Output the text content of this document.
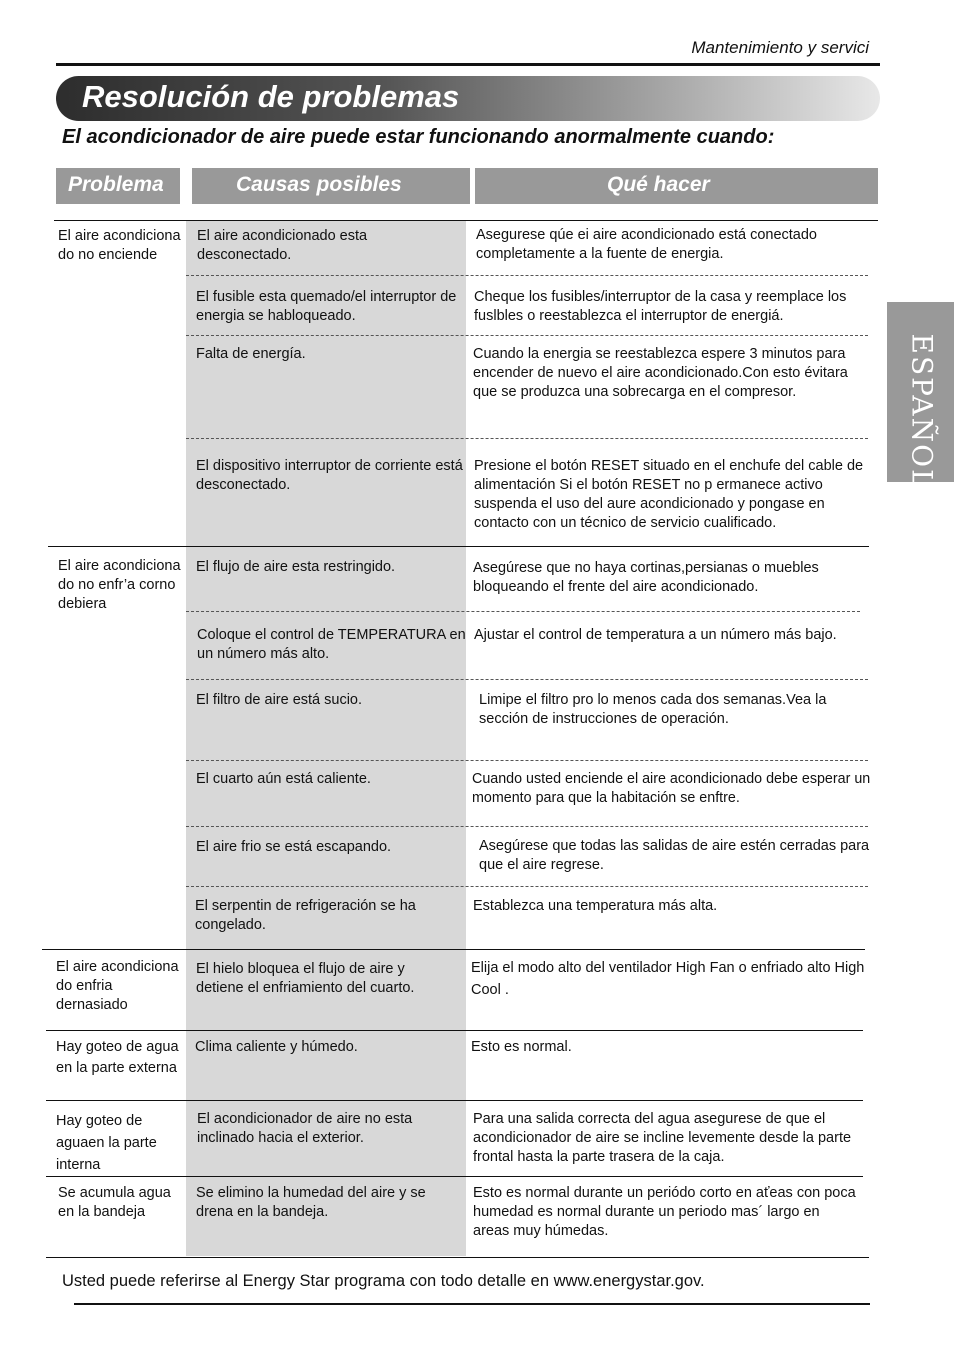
Mantenimiento y servici
Resolución de problemas
El acondicionador de aire puede estar funcionando anormalmente cuando:
Problema	Causas posibles	Qué hacer
ESPAÑOL
El aire acondiciona do no enciende
El aire acondiciona do no enfr’a corno debiera
El aire acondiciona do enfria dernasiado
Hay goteo de agua en la parte externa
Hay goteo de aguaen la parte interna
Se acumula agua en la bandeja
El aire acondicionado esta desconectado.
El fusible esta quemado/el interruptor de energia se habloqueado.
Falta de energía.
El dispositivo interruptor de corriente está desconectado.
El flujo de aire esta restringido.
Coloque el control de TEMPERATURA en un número más alto.
El filtro de aire está sucio.
El cuarto aún está caliente.
El aire frio se está escapando.
El serpentin de refrigeración se ha congelado.
El hielo bloquea el flujo de aire y detiene el enfriamiento del cuarto.
Clima caliente y húmedo.
El acondicionador de aire no esta inclinado hacia el exterior.
Se elimino la humedad del aire y se drena en la bandeja.
Asegurese qúe ei aire acondicionado está conectado completamente a la fuente de energia.
Cheque los fusibles/interruptor de la casa y reemplace los fuslbles o reestablezca el interruptor de energiá.
Cuando la energia se reestablezca espere 3 minutos para encender de nuevo el aire acondicionado.Con esto évitara que se produzca una sobrecarga en el compresor.
Presione el botón RESET situado en el enchufe del cable de alimentación Si el botón RESET no p ermanece activo suspenda el uso del aure acondicionado y pongase en contacto con un técnico de servicio cualificado.
Asegúrese que no haya cortinas,persianas o muebles bloqueando el frente del aire acondicionado.
Ajustar el control de temperatura a un número más bajo.
Limipe el filtro pro lo menos cada dos semanas.Vea la sección de instrucciones de operación.
Cuando usted enciende el aire acondicionado debe esperar un momento para que la habitación se enftre.
Asegúrese que todas las salidas de aire estén cerradas para que el aire regrese.
Establezca una temperatura más alta.
Elija el modo alto del ventilador High Fan o enfriado alto High Cool .
Esto es normal.
Para una salida correcta del agua asegurese de que el acondicionador de aire se incline levemente desde la parte frontal hasta la parte trasera de la caja.
Esto es normal durante un periódo corto en aťeas con poca humedad es normal durante un periodo mas´ largo en areas muy húmedas.
Usted puede referirse al Energy Star programa con todo detalle en www.energystar.gov.
